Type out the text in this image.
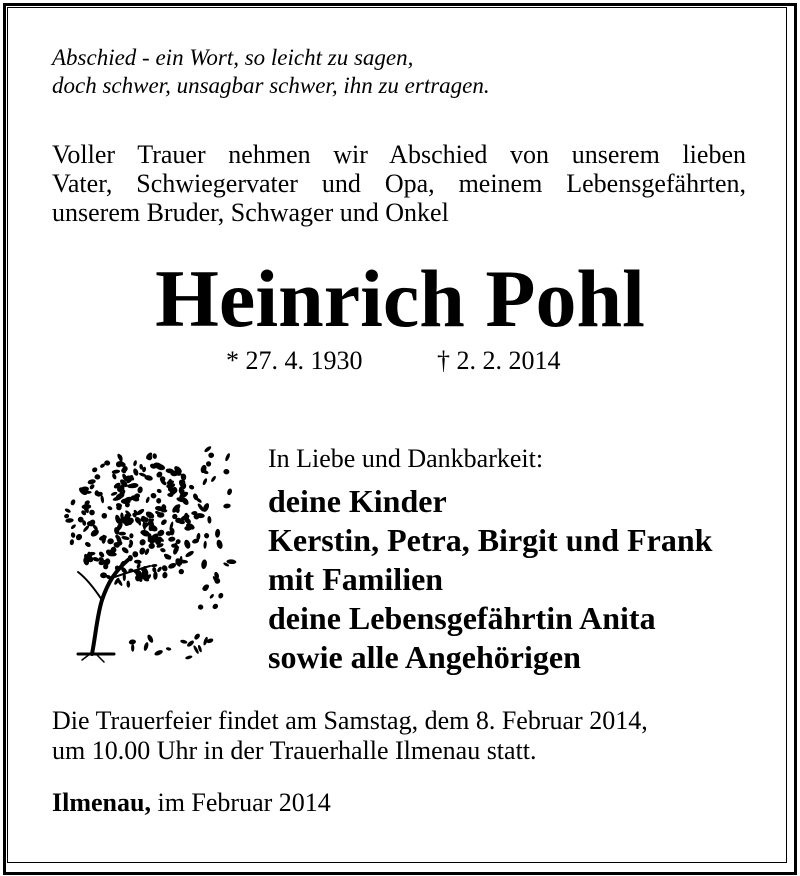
Abschied - ein Wort, so leicht zu sagen,
doch schwer, unsagbar schwer, ihn zu ertragen.
Voller Trauer nehmen wir Abschied von unserem lieben
Vater, Schwiegervater und Opa, meinem Lebensgefährten,
unserem Bruder, Schwager und Onkel
Heinrich Pohl
* 27. 4. 1930	† 2. 2. 2014
In Liebe und Dankbarkeit:
deine Kinder
Kerstin, Petra, Birgit und Frank
mit Familien
deine Lebensgefährtin Anita
sowie alle Angehörigen
Die Trauerfeier findet am Samstag, dem 8. Februar 2014,
um 10.00 Uhr in der Trauerhalle Ilmenau statt.
Ilmenau, im Februar 2014
